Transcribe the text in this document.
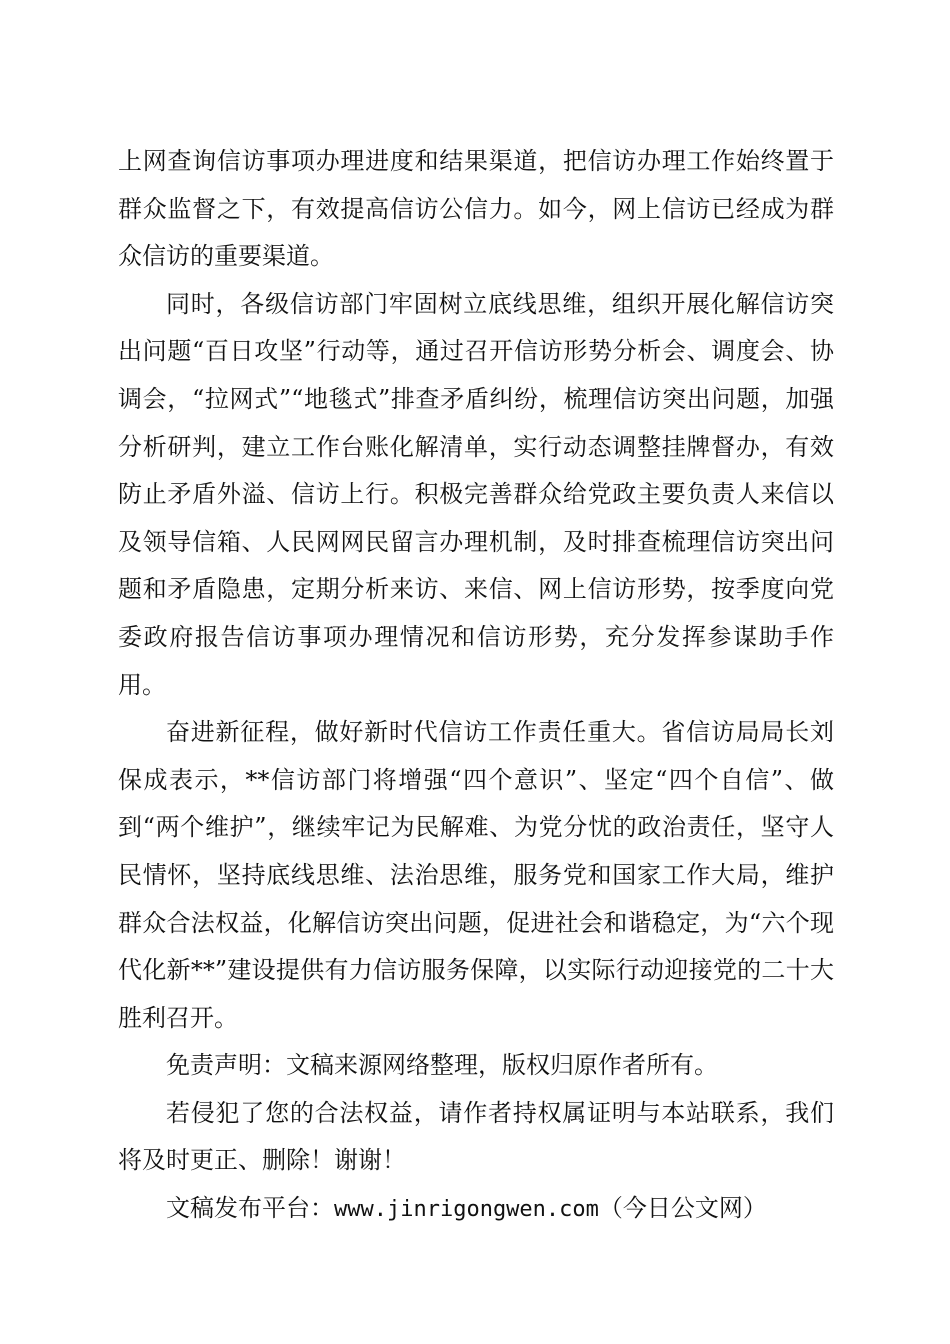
上网查询信访事项办理进度和结果渠道，把信访办理工作始终置于群众监督之下，有效提高信访公信力。如今，网上信访已经成为群众信访的重要渠道。

同时，各级信访部门牢固树立底线思维，组织开展化解信访突出问题“百日攻坚”行动等，通过召开信访形势分析会、调度会、协调会，“拉网式”“地毯式”排查矛盾纠纷，梳理信访突出问题，加强分析研判，建立工作台账化解清单，实行动态调整挂牌督办，有效防止矛盾外溢、信访上行。积极完善群众给党政主要负责人来信以及领导信箱、人民网网民留言办理机制，及时排查梳理信访突出问题和矛盾隐患，定期分析来访、来信、网上信访形势，按季度向党委政府报告信访事项办理情况和信访形势，充分发挥参谋助手作用。

奋进新征程，做好新时代信访工作责任重大。省信访局局长刘保成表示，**信访部门将增强“四个意识”、坚定“四个自信”、做到“两个维护”，继续牢记为民解难、为党分忧的政治责任，坚守人民情怀，坚持底线思维、法治思维，服务党和国家工作大局，维护群众合法权益，化解信访突出问题，促进社会和谐稳定，为“六个现代化新**”建设提供有力信访服务保障，以实际行动迎接党的二十大胜利召开。

免责声明：文稿来源网络整理，版权归原作者所有。

若侵犯了您的合法权益，请作者持权属证明与本站联系，我们将及时更正、删除！谢谢！

文稿发布平台：www.jinrigongwen.com（今日公文网）
